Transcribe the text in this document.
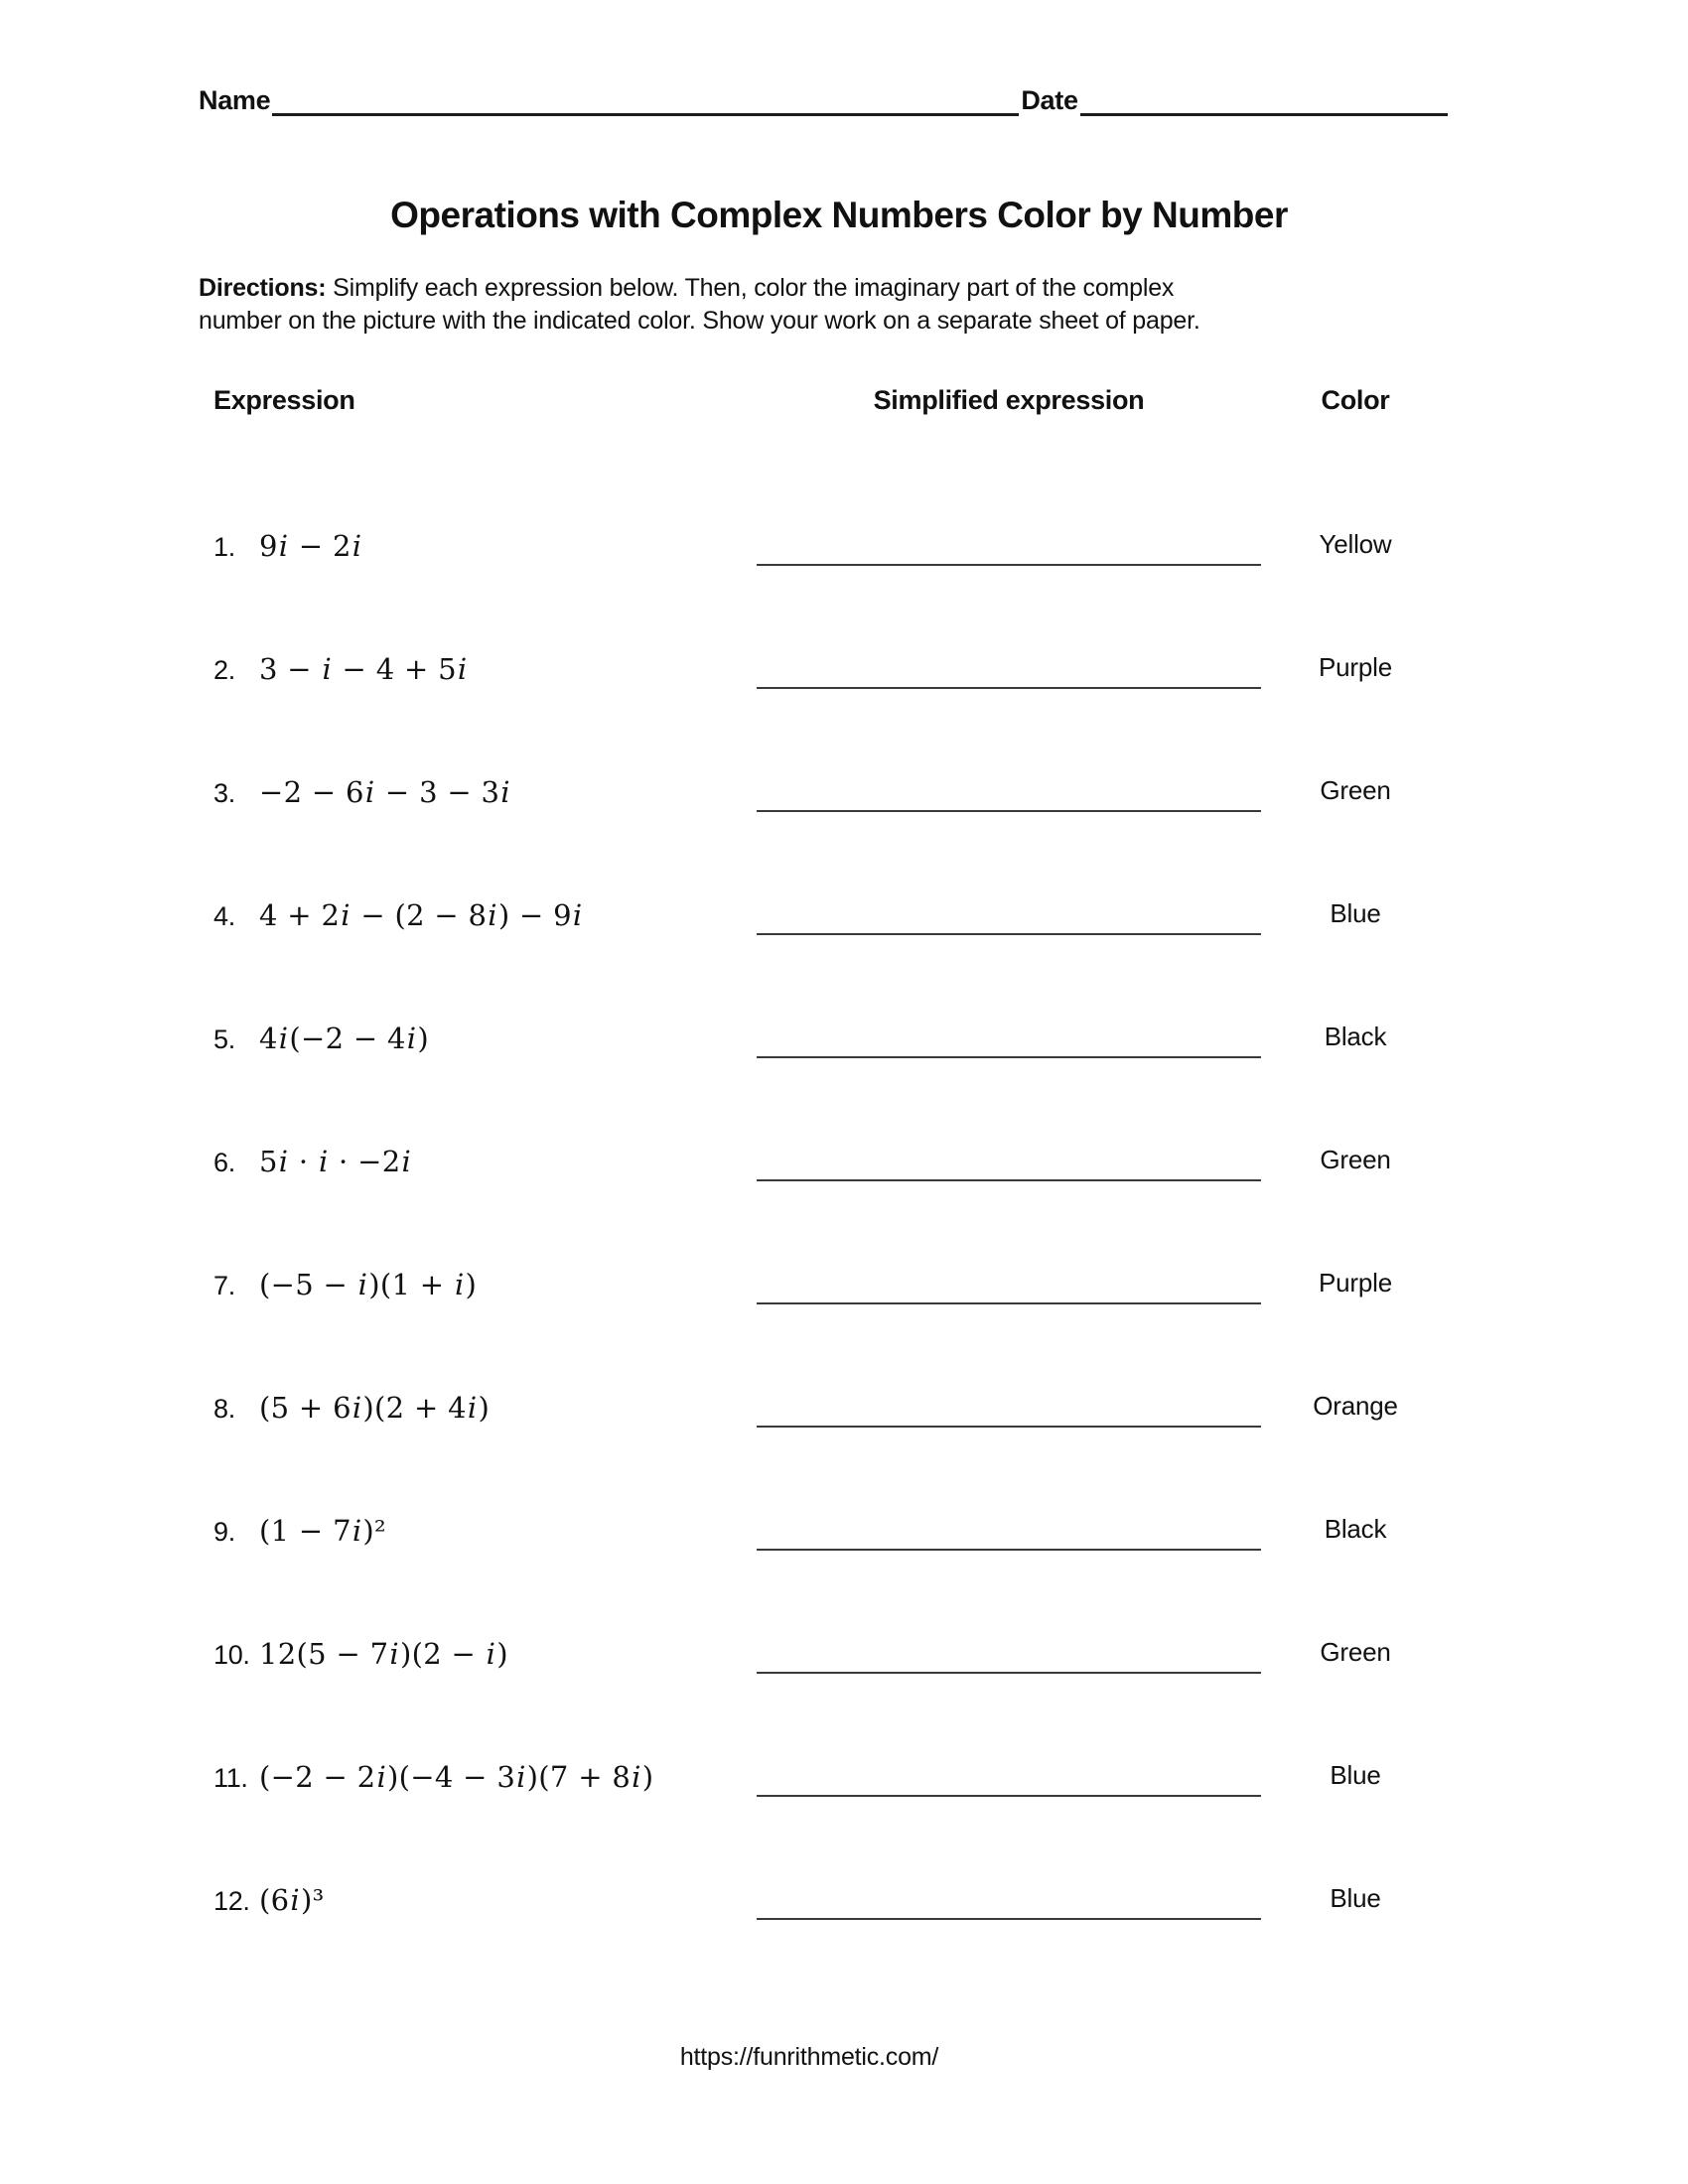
Name	Date
Operations with Complex Numbers Color by Number
Directions: Simplify each expression below. Then, color the imaginary part of the complex
number on the picture with the indicated color. Show your work on a separate sheet of paper.
Expression	Simplified expression	Color
1. 9i − 2i	Yellow
2. 3 − i − 4 + 5i	Purple
3. −2 − 6i − 3 − 3i	Green
4. 4 + 2i − (2 − 8i) − 9i	Blue
5. 4i(−2 − 4i)	Black
6. 5i · i · −2i	Green
7. (−5 − i)(1 + i)	Purple
8. (5 + 6i)(2 + 4i)	Orange
9. (1 − 7i)²	Black
10. 12(5 − 7i)(2 − i)	Green
11. (−2 − 2i)(−4 − 3i)(7 + 8i)	Blue
12. (6i)³	Blue
https://funrithmetic.com/
